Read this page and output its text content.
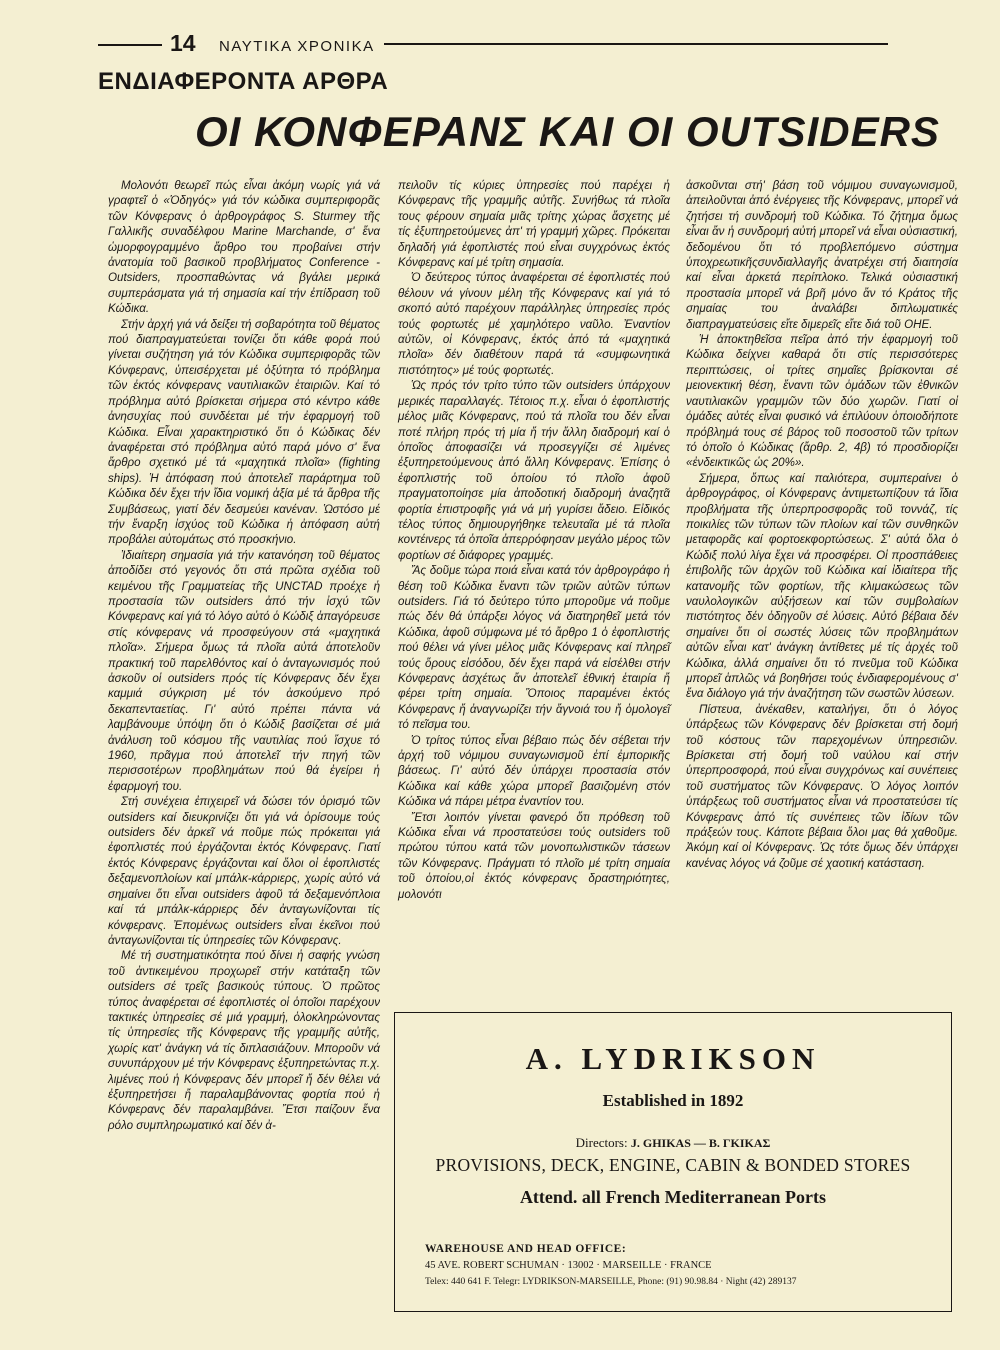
14 ΝΑΥΤΙΚΑ ΧΡΟΝΙΚΑ
ΕΝΔΙΑΦΕΡΟΝΤΑ ΑΡΘΡΑ
ΟΙ ΚΟΝΦΕΡΑΝΣ ΚΑΙ ΟΙ OUTSIDERS

Μολονότι θεωρεῖ πώς εἶναι ἀκόμη νωρίς γιά νά γραφτεῖ ὁ «Ὁδηγός» γιά τόν κώδικα συμπεριφορᾶς τῶν Κόνφερανς ὁ ἀρθρογράφος S. Sturmey τῆς Γαλλικῆς συναδέλφου Marine Marchande, σ' ἕνα ὡμορφογραμμένο ἄρθρο του προβαίνει στήν ἀνατομία τοῦ βασικοῦ προβλήματος Conference - Outsiders, προσπαθώντας νά βγάλει μερικά συμπεράσματα γιά τή σημασία καί τήν ἐπίδραση τοῦ Κώδικα.

Στήν ἀρχή γιά νά δείξει τή σοβαρότητα τοῦ θέματος πού διαπραγματεύεται τονίζει ὅτι κάθε φορά πού γίνεται συζήτηση γιά τόν Κώδικα συμπεριφορᾶς τῶν Κόνφερανς, ὑπεισέρχεται μέ ὀξύτητα τό πρόβλημα τῶν ἐκτός κόνφερανς ναυτιλιακῶν ἑταιριῶν. Καί τό πρόβλημα αὐτό βρίσκεται σήμερα στό κέντρο κάθε ἀνησυχίας πού συνδέεται μέ τήν ἐφαρμογή τοῦ Κώδικα. Εἶναι χαρακτηριστικό ὅτι ὁ Κώδικας δέν ἀναφέρεται στό πρόβλημα αὐτό παρά μόνο σ' ἕνα ἄρθρο σχετικό μέ τά «μαχητικά πλοῖα» (fighting ships). Ἡ ἀπόφαση πού ἀποτελεῖ παράρτημα τοῦ Κώδικα δέν ἔχει τήν ἴδια νομική ἀξία μέ τά ἄρθρα τῆς Συμβάσεως, γιατί δέν δεσμεύει κανέναν. Ὡστόσο μέ τήν ἔναρξη ἰσχύος τοῦ Κώδικα ἡ ἀπόφαση αὐτή προβάλει αὐτομάτως στό προσκήνιο.

Ἰδιαίτερη σημασία γιά τήν κατανόηση τοῦ θέματος ἀποδίδει στό γεγονός ὅτι στά πρῶτα σχέδια τοῦ κειμένου τῆς Γραμματείας τῆς UNCTAD προέχε ἡ προστασία τῶν outsiders ἀπό τήν ἰσχύ τῶν Κόνφερανς καί γιά τό λόγο αὐτό ὁ Κώδιξ ἀπαγόρευσε στίς κόνφερανς νά προσφεύγουν στά «μαχητικά πλοῖα». Σήμερα ὅμως τά πλοῖα αὐτά ἀποτελοῦν πρακτική τοῦ παρελθόντος καί ὁ ἀνταγωνισμός πού ἀσκοῦν οἱ outsiders πρός τίς Κόνφερανς δέν ἔχει καμμιά σύγκριση μέ τόν ἀσκούμενο πρό δεκαπενταετίας. Γι' αὐτό πρέπει πάντα νά λαμβάνουμε ὑπόψη ὅτι ὁ Κώδιξ βασίζεται σέ μιά ἀνάλυση τοῦ κόσμου τῆς ναυτιλίας πού ἴσχυε τό 1960, πρᾶγμα πού ἀποτελεῖ τήν πηγή τῶν περισσοτέρων προβλημάτων πού θά ἐγείρει ἡ ἐφαρμογή του.

Στή συνέχεια ἐπιχειρεῖ νά δώσει τόν ὁρισμό τῶν outsiders καί διευκρινίζει ὅτι γιά νά ὁρίσουμε τούς outsiders δέν ἀρκεῖ νά ποῦμε πώς πρόκειται γιά ἐφοπλιστές πού ἐργάζονται ἐκτός Κόνφερανς. Γιατί ἐκτός Κόνφερανς ἐργάζονται καί ὅλοι οἱ ἐφοπλιστές δεξαμενοπλοίων καί μπάλκ-κάρριερς, χωρίς αὐτό νά σημαίνει ὅτι εἶναι outsiders ἀφοῦ τά δεξαμενόπλοια καί τά μπάλκ-κάρριερς δέν ἀνταγωνίζονται τίς κόνφερανς. Ἐπομένως outsiders εἶναι ἐκεῖνοι πού ἀνταγωνίζονται τίς ὑπηρεσίες τῶν Κόνφερανς.

Μέ τή συστηματικότητα πού δίνει ἡ σαφής γνώση τοῦ ἀντικειμένου προχωρεῖ στήν κατάταξη τῶν outsiders σέ τρεῖς βασικούς τύπους. Ὁ πρῶτος τύπος ἀναφέρεται σέ ἐφοπλιστές οἱ ὁποῖοι παρέχουν τακτικές ὑπηρεσίες σέ μιά γραμμή, ὁλοκληρώνοντας τίς ὑπηρεσίες τῆς Κόνφερανς τῆς γραμμῆς αὐτῆς, χωρίς κατ' ἀνάγκη νά τίς διπλασιάζουν. Μποροῦν νά συνυπάρχουν μέ τήν Κόνφερανς ἐξυπηρετώντας π.χ. λιμένες πού ἡ Κόνφερανς δέν μπορεῖ ἤ δέν θέλει νά ἐξυπηρετήσει ἤ παραλαμβάνοντας φορτία πού ἡ Κόνφερανς δέν παραλαμβάνει. Ἔτσι παίζουν ἕνα ρόλο συμπληρωματικό καί δέν ἀ-

πειλοῦν τίς κύριες ὑπηρεσίες πού παρέχει ἡ Κόνφερανς τῆς γραμμῆς αὐτῆς. Συνήθως τά πλοῖα τους φέρουν σημαία μιᾶς τρίτης χώρας ἄσχετης μέ τίς ἐξυπηρετούμενες ἀπ' τή γραμμή χῶρες. Πρόκειται δηλαδή γιά ἐφοπλιστές πού εἶναι συγχρόνως ἐκτός Κόνφερανς καί μέ τρίτη σημασία.

Ὁ δεύτερος τύπος ἀναφέρεται σέ ἐφοπλιστές πού θέλουν νά γίνουν μέλη τῆς Κόνφερανς καί γιά τό σκοπό αὐτό παρέχουν παράλληλες ὑπηρεσίες πρός τούς φορτωτές μέ χαμηλότερο ναῦλο. Ἐναντίον αὐτῶν, οἱ Κόνφερανς, ἐκτός ἀπό τά «μαχητικά πλοῖα» δέν διαθέτουν παρά τά «συμφωνητικά πιστότητος» μέ τούς φορτωτές.

Ὡς πρός τόν τρίτο τύπο τῶν outsiders ὑπάρχουν μερικές παραλλαγές. Τέτοιος π.χ. εἶναι ὁ ἐφοπλιστής μέλος μιᾶς Κόνφερανς, πού τά πλοῖα του δέν εἶναι ποτέ πλήρη πρός τή μία ἤ τήν ἄλλη διαδρομή καί ὁ ὁποῖος ἀποφασίζει νά προσεγγίζει σέ λιμένες ἐξυπηρετούμενους ἀπό ἄλλη Κόνφερανς. Ἐπίσης ὁ ἐφοπλιστής τοῦ ὁποίου τό πλοῖο ἀφοῦ πραγματοποίησε μία ἀποδοτική διαδρομή ἀναζητᾶ φορτία ἐπιστροφῆς γιά νά μή γυρίσει ἄδειο. Εἰδικός τέλος τύπος δημιουργήθηκε τελευταῖα μέ τά πλοῖα κοντέινερς τά ὁποῖα ἀπερρόφησαν μεγάλο μέρος τῶν φορτίων σέ διάφορες γραμμές.

Ἄς δοῦμε τώρα ποιά εἶναι κατά τόν ἀρθρογράφο ἡ θέση τοῦ Κώδικα ἔναντι τῶν τριῶν αὐτῶν τύπων outsiders. Γιά τό δεύτερο τύπο μποροῦμε νά ποῦμε πώς δέν θά ὑπάρξει λόγος νά διατηρηθεῖ μετά τόν Κώδικα, ἀφοῦ σύμφωνα μέ τό ἄρθρο 1 ὁ ἐφοπλιστής πού θέλει νά γίνει μέλος μιᾶς Κόνφερανς καί πληρεῖ τούς ὅρους εἰσόδου, δέν ἔχει παρά νά εἰσέλθει στήν Κόνφερανς ἀσχέτως ἄν ἀποτελεῖ ἐθνική ἑταιρία ἤ φέρει τρίτη σημαία. Ὅποιος παραμένει ἐκτός Κόνφερανς ἤ ἀναγνωρίζει τήν ἄγνοιά του ἤ ὁμολογεῖ τό πεῖσμα του.

Ὁ τρίτος τύπος εἶναι βέβαιο πώς δέν σέβεται τήν ἀρχή τοῦ νόμιμου συναγωνισμοῦ ἐπί ἐμπορικῆς βάσεως. Γι' αὐτό δέν ὑπάρχει προστασία στόν Κώδικα καί κάθε χώρα μπορεῖ βασιζομένη στόν Κώδικα νά πάρει μέτρα ἐναντίον του.

Ἔτσι λοιπόν γίνεται φανερό ὅτι πρόθεση τοῦ Κώδικα εἶναι νά προστατεύσει τούς outsiders τοῦ πρώτου τύπου κατά τῶν μονοπωλιστικῶν τάσεων τῶν Κόνφερανς. Πράγματι τό πλοῖο μέ τρίτη σημαία τοῦ ὁποίου,οἱ ἐκτός κόνφερανς δραστηριότητες, μολονότι

ἀσκοῦνται στή' βάση τοῦ νόμιμου συναγωνισμοῦ, ἀπειλοῦνται ἀπό ἐνέργειες τῆς Κόνφερανς, μπορεῖ νά ζητήσει τή συνδρομή τοῦ Κώδικα. Τό ζήτημα ὅμως εἶναι ἄν ἡ συνδρομή αὐτή μπορεῖ νά εἶναι οὐσιαστική, δεδομένου ὅτι τό προβλεπόμενο σύστημα ὑποχρεωτικῆςσυνδιαλλαγῆς ἀνατρέχει στή διαιτησία καί εἶναι ἀρκετά περίπλοκο. Τελικά οὐσιαστική προστασία μπορεῖ νά βρῆ μόνο ἄν τό Κράτος τῆς σημαίας του ἀναλάβει διπλωματικές διαπραγματεύσεις εἴτε διμερεῖς εἴτε διά τοῦ ΟΗΕ.

Ἡ ἀποκτηθεῖσα πεῖρα ἀπό τήν ἐφαρμογή τοῦ Κώδικα δείχνει καθαρά ὅτι στίς περισσότερες περιπτώσεις, οἱ τρίτες σημαῖες βρίσκονται σέ μειονεκτική θέση, ἔναντι τῶν ὁμάδων τῶν ἐθνικῶν ναυτιλιακῶν γραμμῶν τῶν δύο χωρῶν. Γιατί οἱ ὁμάδες αὐτές εἶναι φυσικό νά ἐπιλύουν ὁποιοδήποτε πρόβλημά τους σέ βάρος τοῦ ποσοστοῦ τῶν τρίτων τό ὁποῖο ὁ Κώδικας (ἄρθρ. 2, 4β) τό προσδιορίζει «ἐνδεικτικῶς ὡς 20%».

Σήμερα, ὅπως καί παλιότερα, συμπεραίνει ὁ ἀρθρογράφος, οἱ Κόνφερανς ἀντιμετωπίζουν τά ἴδια προβλήματα τῆς ὑπερπροσφορᾶς τοῦ τοννάζ, τίς ποικιλίες τῶν τύπων τῶν πλοίων καί τῶν συνθηκῶν μεταφορᾶς καί φορτοεκφορτώσεως. Σ' αὐτά ὅλα ὁ Κώδιξ πολύ λίγα ἔχει νά προσφέρει. Οἱ προσπάθειες ἐπιβολῆς τῶν ἀρχῶν τοῦ Κώδικα καί ἰδιαίτερα τῆς κατανομῆς τῶν φορτίων, τῆς κλιμακώσεως τῶν ναυλολογικῶν αὐξήσεων καί τῶν συμβολαίων πιστότητος δέν ὁδηγοῦν σέ λύσεις. Αὐτό βέβαια δέν σημαίνει ὅτι οἱ σωστές λύσεις τῶν προβλημάτων αὐτῶν εἶναι κατ' ἀνάγκη ἀντίθετες μέ τίς ἀρχές τοῦ Κώδικα, ἀλλά σημαίνει ὅτι τό πνεῦμα τοῦ Κώδικα μπορεῖ ἁπλῶς νά βοηθήσει τούς ἐνδιαφερομένους σ' ἕνα διάλογο γιά τήν ἀναζήτηση τῶν σωστῶν λύσεων.

Πίστευα, ἀνέκαθεν, καταλήγει, ὅτι ὁ λόγος ὑπάρξεως τῶν Κόνφερανς δέν βρίσκεται στή δομή τοῦ κόστους τῶν παρεχομένων ὑπηρεσιῶν. Βρίσκεται στή δομή τοῦ ναύλου καί στήν ὑπερπροσφορά, πού εἶναι συγχρόνως καί συνέπειες τοῦ συστήματος τῶν Κόνφερανς. Ὁ λόγος λοιπόν ὑπάρξεως τοῦ συστήματος εἶναι νά προστατεύσει τίς Κόνφερανς ἀπό τίς συνέπειες τῶν ἰδίων τῶν πράξεών τους. Κάποτε βέβαια ὅλοι μας θά χαθοῦμε. Ἀκόμη καί οἱ Κόνφερανς. Ὡς τότε ὅμως δέν ὑπάρχει κανένας λόγος νά ζοῦμε σέ χαοτική κατάσταση.

A. LYDRIKSON
Established in 1892
Directors: J. GHIKAS — Β. ΓΚΙΚΑΣ
PROVISIONS, DECK, ENGINE, CABIN & BONDED STORES
Attend. all French Mediterranean Ports
WAREHOUSE AND HEAD OFFICE:
45 AVE. ROBERT SCHUMAN · 13002 · MARSEILLE · FRANCE
Telex: 440 641 F. Telegr: LYDRIKSON-MARSEILLE, Phone: (91) 90.98.84 · Night (42) 289137
